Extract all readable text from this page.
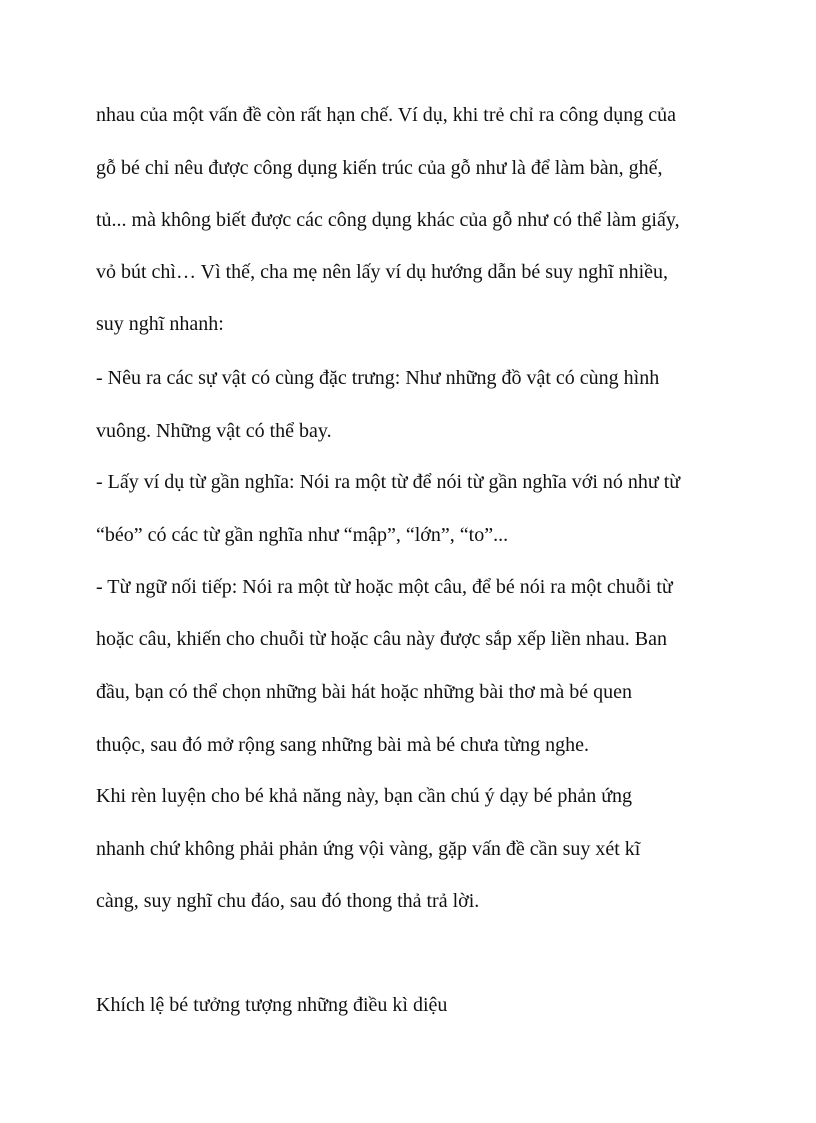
nhau của một vấn đề còn rất hạn chế. Ví dụ, khi trẻ chỉ ra công dụng của

gỗ bé chỉ nêu được công dụng kiến trúc của gỗ như là để làm bàn, ghế,

tủ... mà không biết được các công dụng khác của gỗ như có thể làm giấy,

vỏ bút chì… Vì thế, cha mẹ nên lấy ví dụ hướng dẫn bé suy nghĩ nhiều,

suy nghĩ nhanh:

- Nêu ra các sự vật có cùng đặc trưng: Như những đồ vật có cùng hình

vuông. Những vật có thể bay.

- Lấy ví dụ từ gần nghĩa: Nói ra một từ để nói từ gần nghĩa với nó như từ

“béo” có các từ gần nghĩa như “mập”, “lớn”, “to”...

- Từ ngữ nối tiếp: Nói ra một từ hoặc một câu, để bé nói ra một chuỗi từ

hoặc câu, khiến cho chuỗi từ hoặc câu này được sắp xếp liền nhau. Ban

đầu, bạn có thể chọn những bài hát hoặc những bài thơ mà bé quen

thuộc, sau đó mở rộng sang những bài mà bé chưa từng nghe.

Khi rèn luyện cho bé khả năng này, bạn cần chú ý dạy bé phản ứng

nhanh chứ không phải phản ứng vội vàng, gặp vấn đề cần suy xét kĩ

càng, suy nghĩ chu đáo, sau đó thong thả trả lời.

Khích lệ bé tưởng tượng những điều kì diệu
